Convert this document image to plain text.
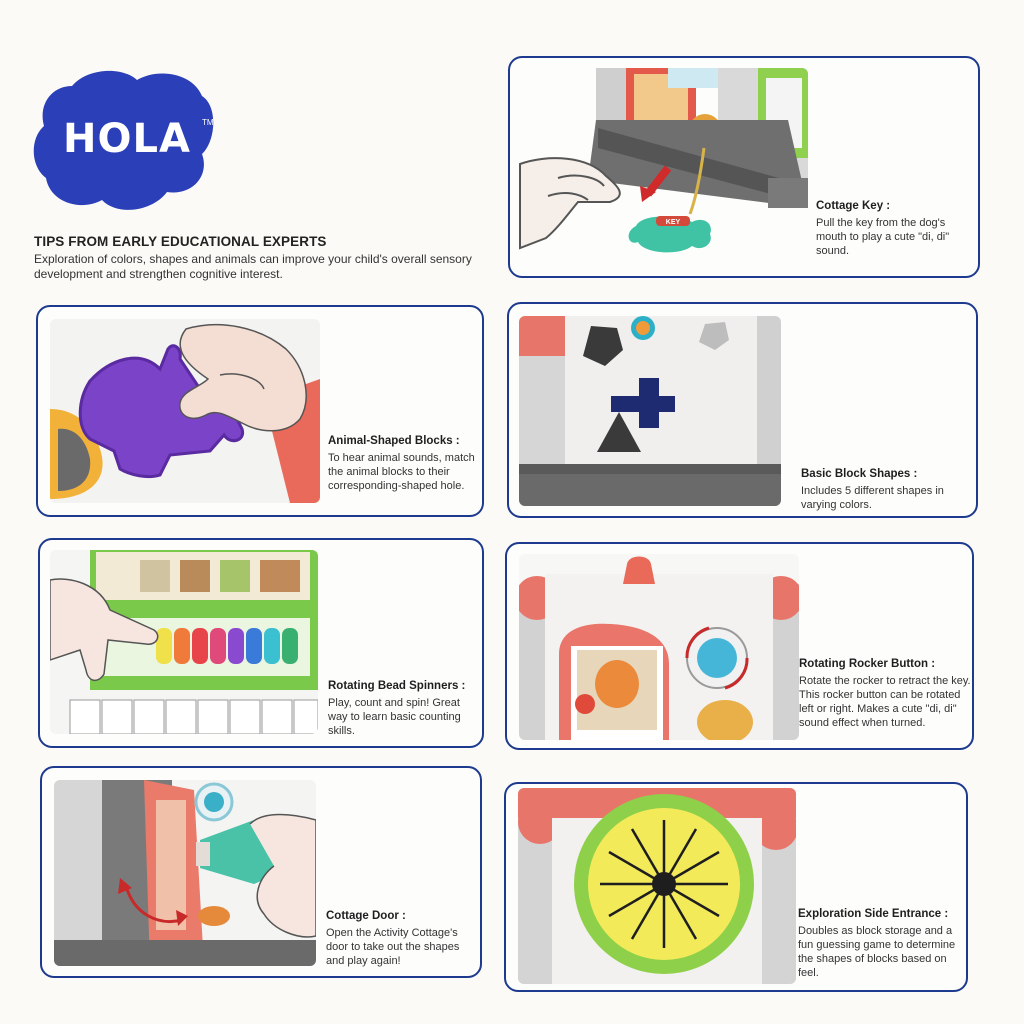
HOLA	TM
TIPS FROM EARLY EDUCATIONAL EXPERTS

Exploration of colors, shapes and animals can improve your child's overall sensory development and strengthen cognitive interest.

KEY
Cottage Key :
Pull the key from the dog's mouth to play a cute "di, di" sound.
Animal-Shaped Blocks :
To hear animal sounds, match the animal blocks to their corresponding-shaped hole.
Basic Block Shapes :
Includes 5 different shapes in varying colors.
Rotating Bead Spinners :
Play, count and spin! Great way to learn basic counting skills.
Rotating Rocker Button :
Rotate the rocker to retract the key. This rocker button can be rotated left or right. Makes a cute "di, di" sound effect when turned.
Cottage Door :
Open the Activity Cottage's door to take out the shapes and play again!
Exploration Side Entrance :
Doubles as block storage and a fun guessing game to determine the shapes of blocks based on feel.
